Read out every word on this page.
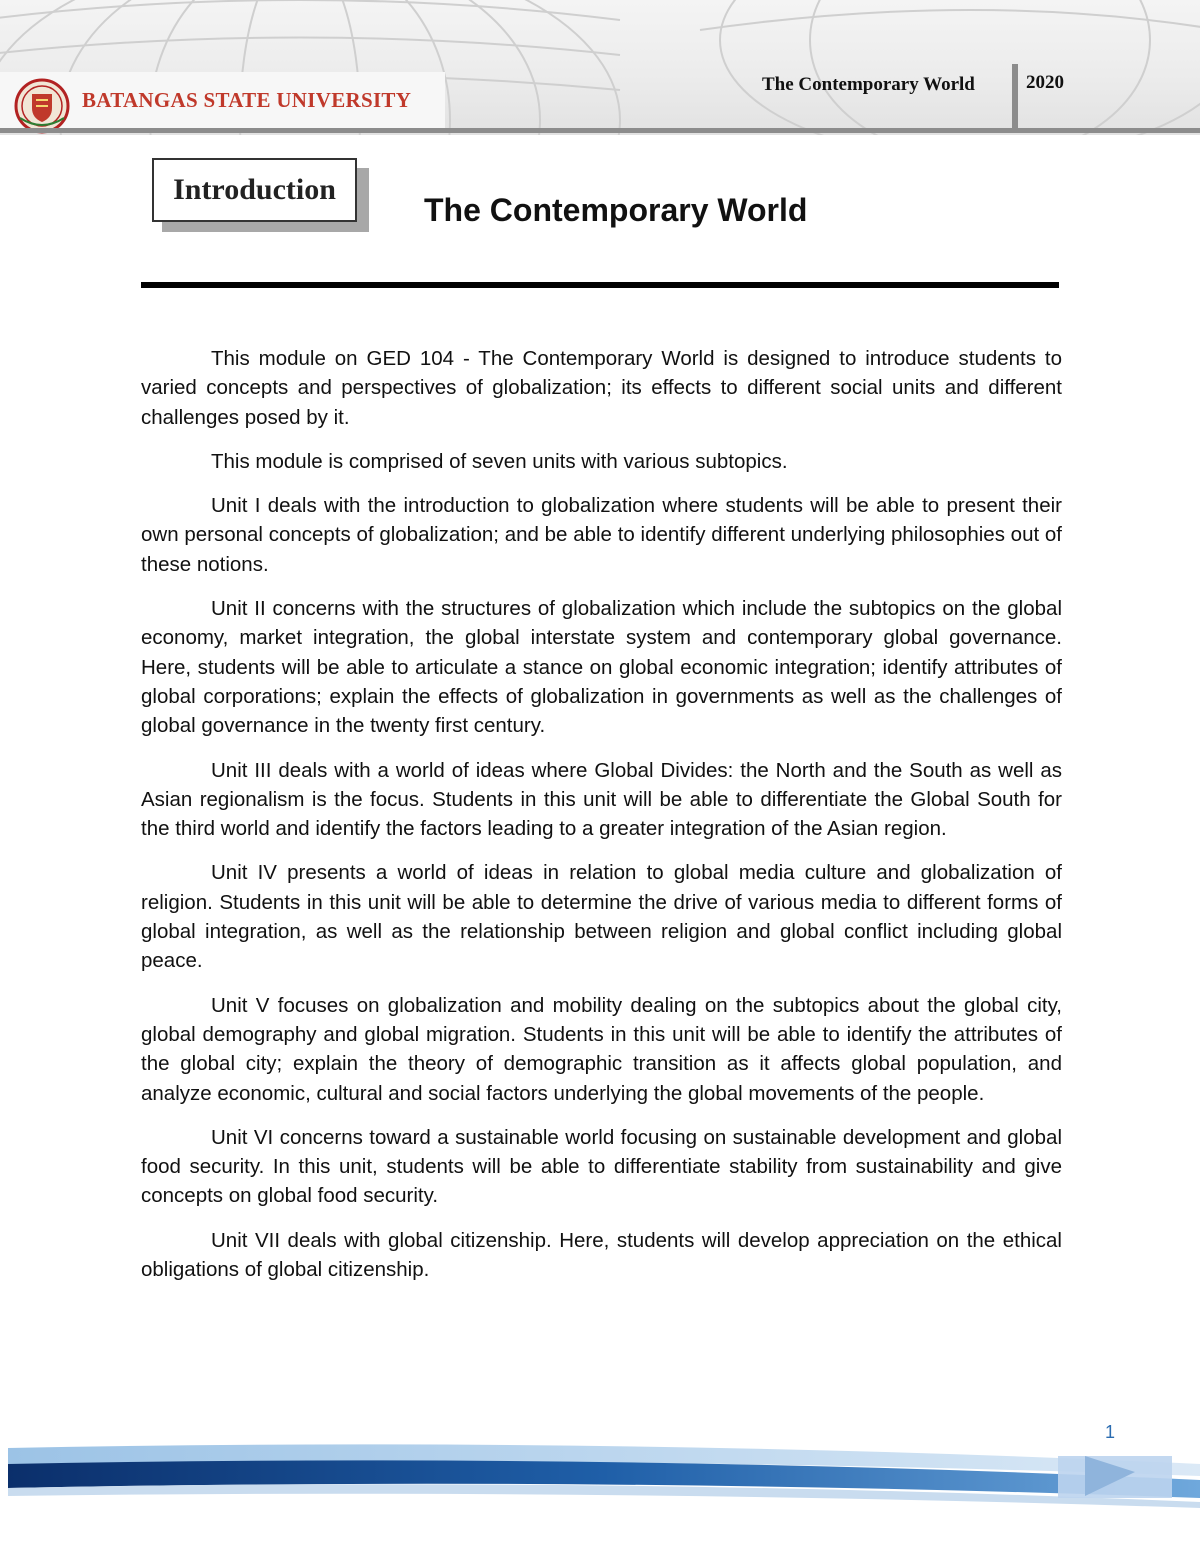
BATANGAS STATE UNIVERSITY
The Contemporary World	2020
Introduction
The Contemporary World

This module on GED 104 - The Contemporary World is designed to introduce students to varied concepts and perspectives of globalization; its effects to different social units and different challenges posed by it.

This module is comprised of seven units with various subtopics.

Unit I deals with the introduction to globalization where students will be able to present their own personal concepts of globalization; and be able to identify different underlying philosophies out of these notions.

Unit II concerns with the structures of globalization which include the subtopics on the global economy, market integration, the global interstate system and contemporary global governance. Here, students will be able to articulate a stance on global economic integration; identify attributes of global corporations; explain the effects of globalization in governments as well as the challenges of global governance in the twenty first century.

Unit III deals with a world of ideas where Global Divides: the North and the South as well as Asian regionalism is the focus. Students in this unit will be able to differentiate the Global South for the third world and identify the factors leading to a greater integration of the Asian region.

Unit IV presents a world of ideas in relation to global media culture and globalization of religion. Students in this unit will be able to determine the drive of various media to different forms of global integration, as well as the relationship between religion and global conflict including global peace.

Unit V focuses on globalization and mobility dealing on the subtopics about the global city, global demography and global migration. Students in this unit will be able to identify the attributes of the global city; explain the theory of demographic transition as it affects global population, and analyze economic, cultural and social factors underlying the global movements of the people.

Unit VI concerns toward a sustainable world focusing on sustainable development and global food security. In this unit, students will be able to differentiate stability from sustainability and give concepts on global food security.

Unit VII deals with global citizenship. Here, students will develop appreciation on the ethical obligations of global citizenship.

1
